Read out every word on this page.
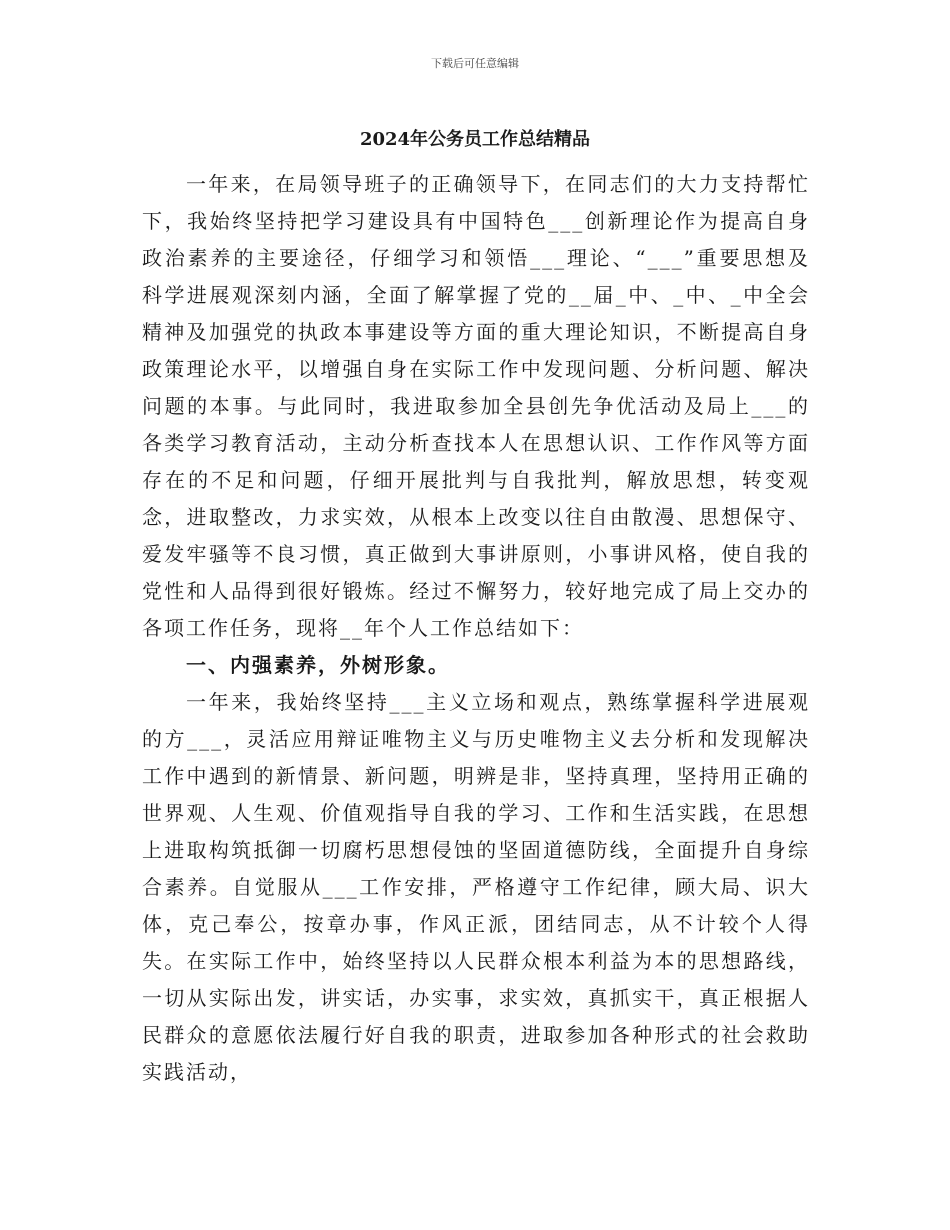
下载后可任意编辑
2024年公务员工作总结精品

一年来，在局领导班子的正确领导下，在同志们的大力支持帮忙下，我始终坚持把学习建设具有中国特色___创新理论作为提高自身政治素养的主要途径，仔细学习和领悟___理论、“___”重要思想及科学进展观深刻内涵，全面了解掌握了党的__届_中、_中、_中全会精神及加强党的执政本事建设等方面的重大理论知识，不断提高自身政策理论水平，以增强自身在实际工作中发现问题、分析问题、解决问题的本事。与此同时，我进取参加全县创先争优活动及局上___的各类学习教育活动，主动分析查找本人在思想认识、工作作风等方面存在的不足和问题，仔细开展批判与自我批判，解放思想，转变观念，进取整改，力求实效，从根本上改变以往自由散漫、思想保守、爱发牢骚等不良习惯，真正做到大事讲原则，小事讲风格，使自我的党性和人品得到很好锻炼。经过不懈努力，较好地完成了局上交办的各项工作任务，现将__年个人工作总结如下：

一、内强素养，外树形象。

一年来，我始终坚持___主义立场和观点，熟练掌握科学进展观的方___，灵活应用辩证唯物主义与历史唯物主义去分析和发现解决工作中遇到的新情景、新问题，明辨是非，坚持真理，坚持用正确的世界观、人生观、价值观指导自我的学习、工作和生活实践，在思想上进取构筑抵御一切腐朽思想侵蚀的坚固道德防线，全面提升自身综合素养。自觉服从___工作安排，严格遵守工作纪律，顾大局、识大体，克己奉公，按章办事，作风正派，团结同志，从不计较个人得失。在实际工作中，始终坚持以人民群众根本利益为本的思想路线，一切从实际出发，讲实话，办实事，求实效，真抓实干，真正根据人民群众的意愿依法履行好自我的职责，进取参加各种形式的社会救助实践活动，
